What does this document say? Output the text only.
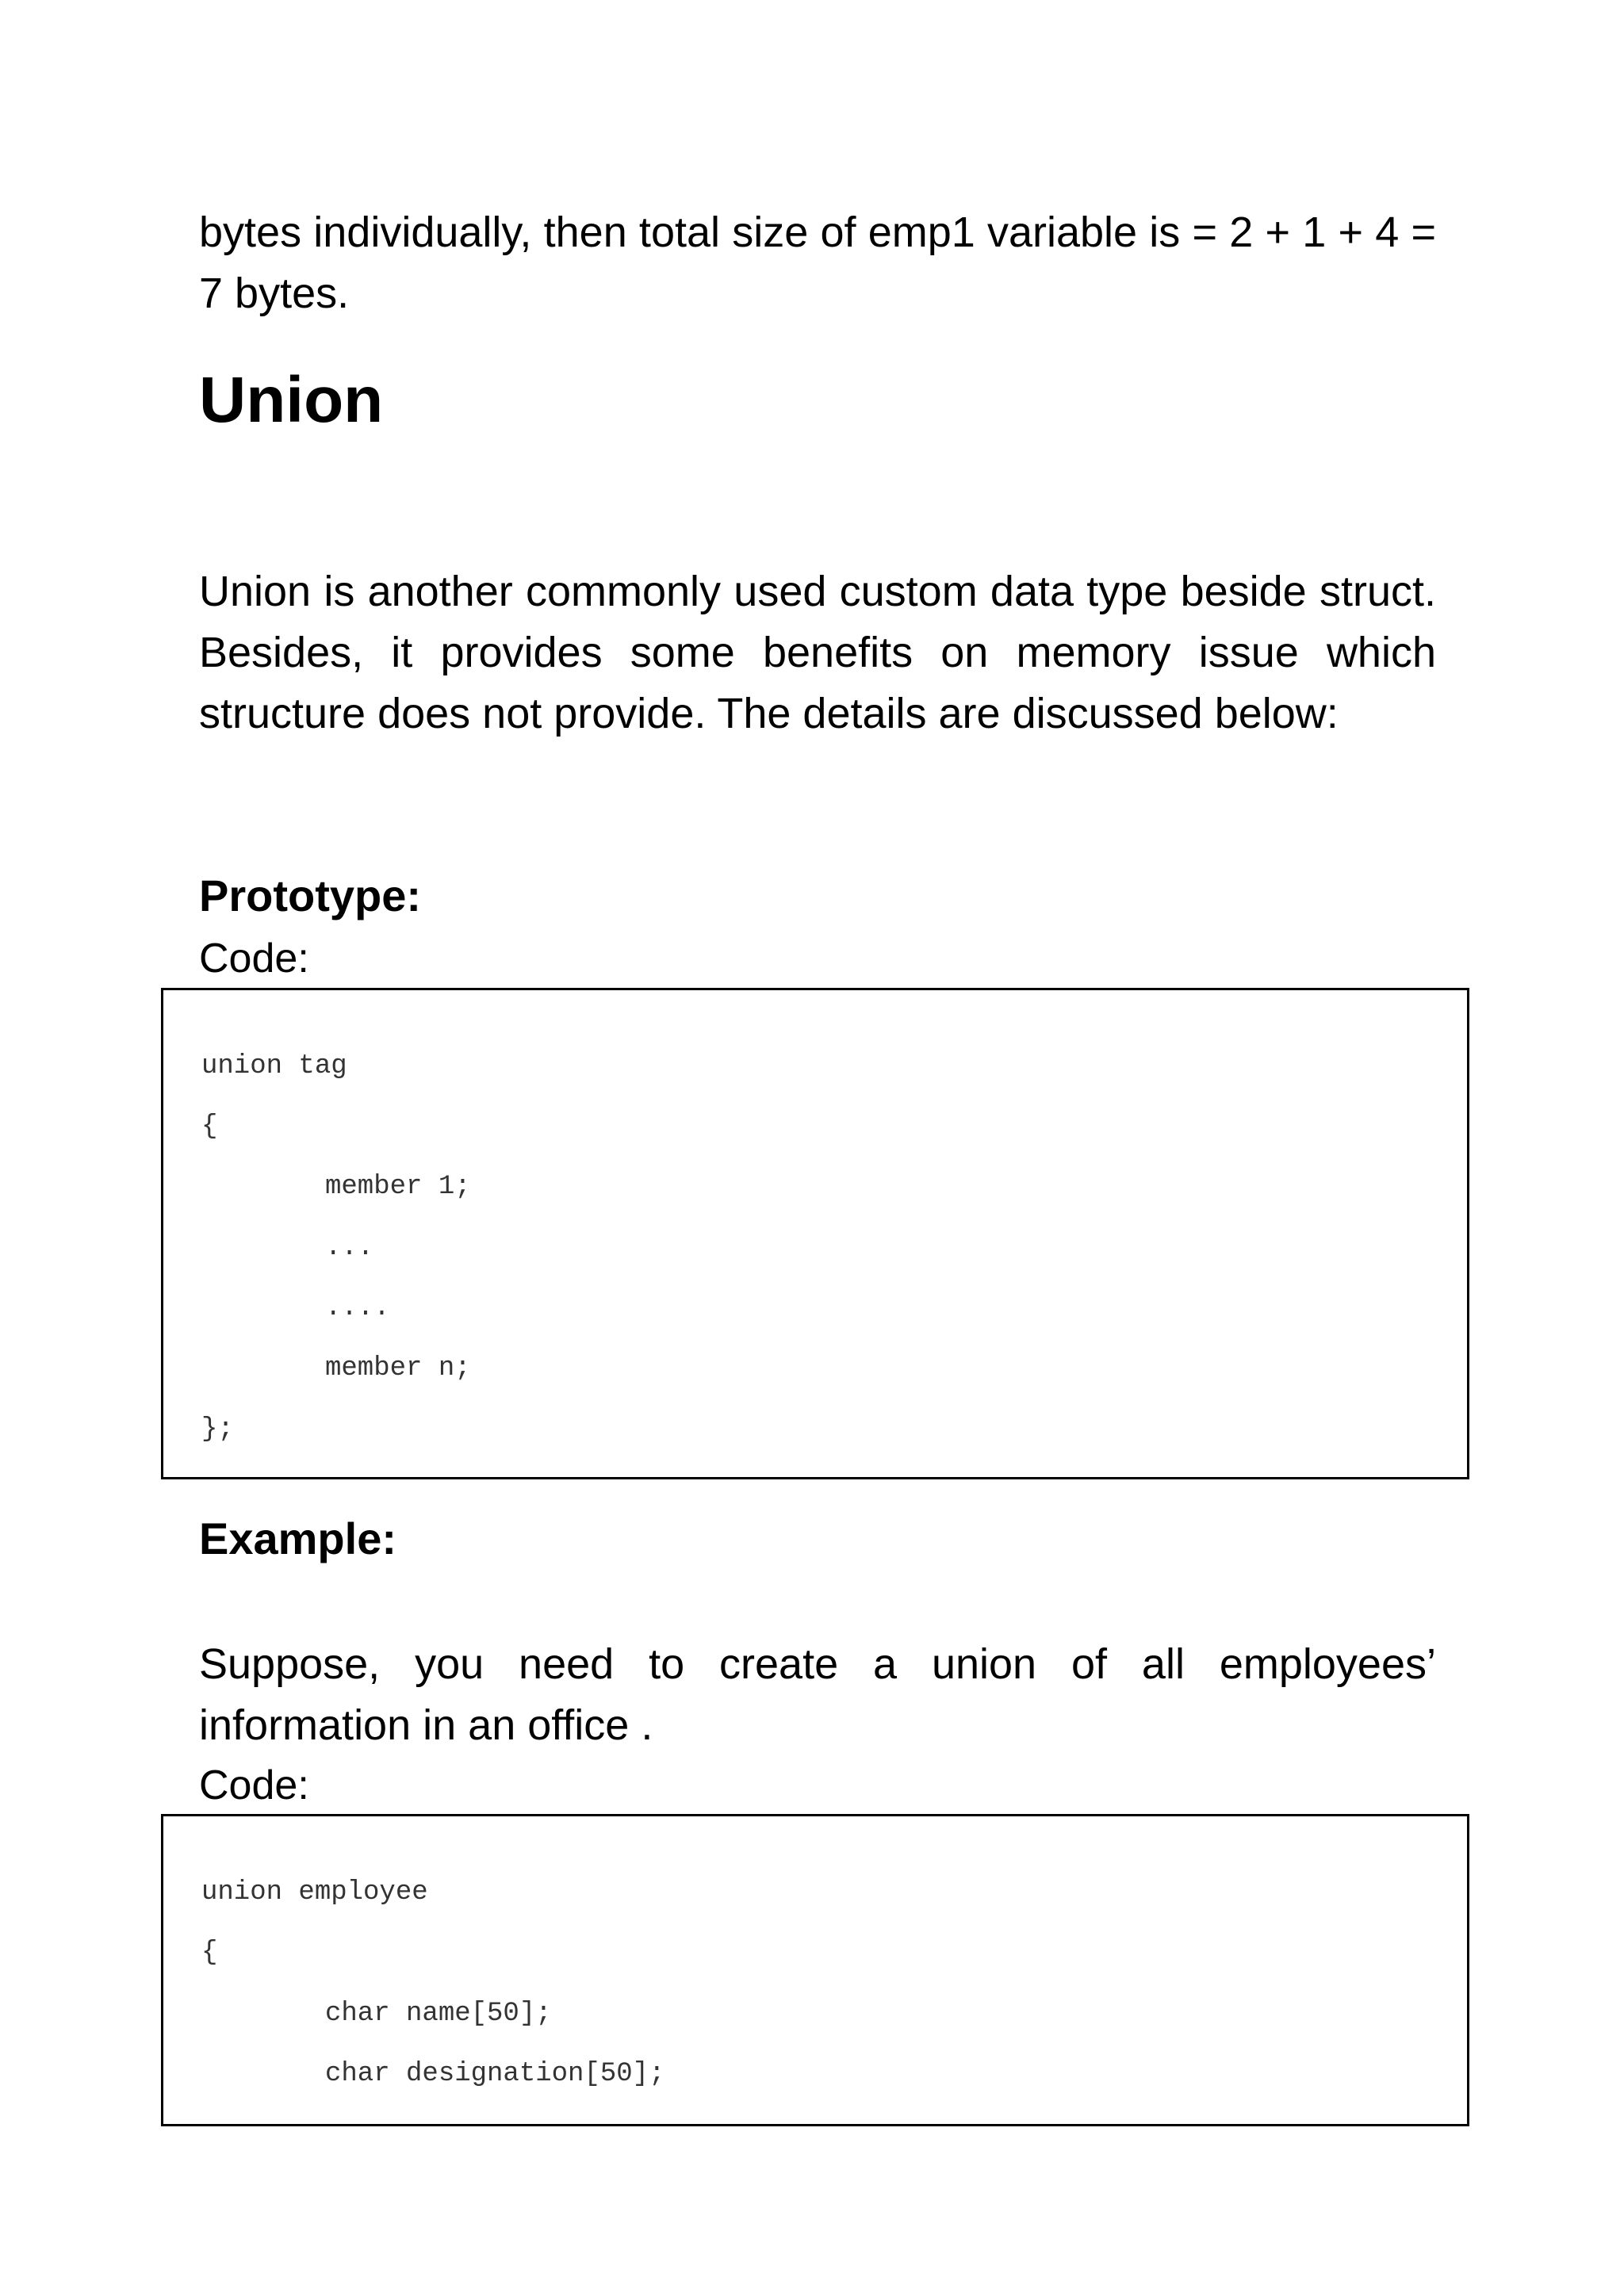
bytes individually, then total size of emp1 variable is = 2 + 1 + 4 = 7 bytes.

Union

Union is another commonly used custom data type beside struct. Besides, it provides some benefits on memory issue which structure does not provide. The details are discussed below:

Prototype:
Code:
union tag
{
member 1;
...
....
member n;
};
Example:

Suppose, you need to create a union of all employees’ information in an office .

Code:
union employee
{
char name[50];
char designation[50];
